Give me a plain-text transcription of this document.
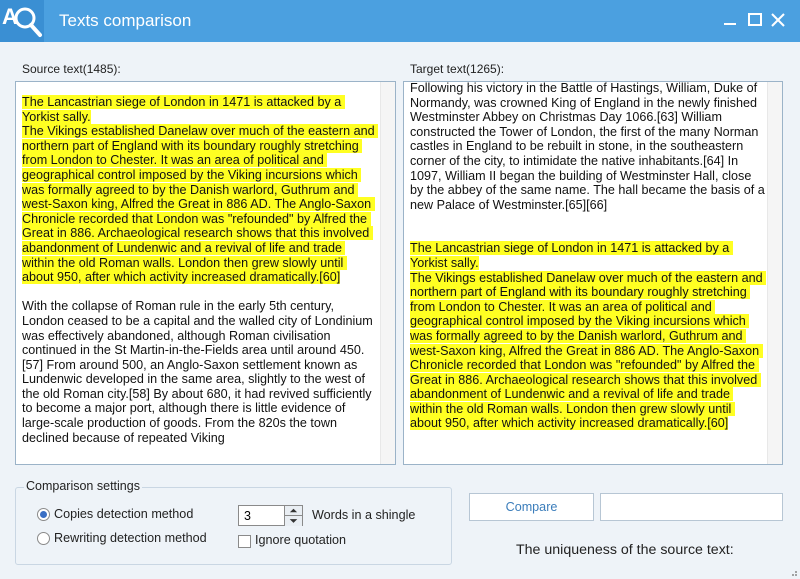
A Texts comparison
Source text(1485):	Target text(1265):
The Lancastrian siege of London in 1471 is attacked by a Yorkist sally.
The Vikings established Danelaw over much of the eastern and northern part of England with its boundary roughly stretching from London to Chester. It was an area of political and geographical control imposed by the Viking incursions which was formally agreed to by the Danish warlord, Guthrum and west-Saxon king, Alfred the Great in 886 AD. The Anglo-Saxon Chronicle recorded that London was "refounded" by Alfred the Great in 886. Archaeological research shows that this involved abandonment of Lundenwic and a revival of life and trade within the old Roman walls. London then grew slowly until about 950, after which activity increased dramatically.[60]
With the collapse of Roman rule in the early 5th century, London ceased to be a capital and the walled city of Londinium was effectively abandoned, although Roman civilisation continued in the St Martin-in-the-Fields area until around 450.[57] From around 500, an Anglo-Saxon settlement known as Lundenwic developed in the same area, slightly to the west of the old Roman city.[58] By about 680, it had revived sufficiently to become a major port, although there is little evidence of large-scale production of goods. From the 820s the town declined because of repeated Viking
Following his victory in the Battle of Hastings, William, Duke of Normandy, was crowned King of England in the newly finished Westminster Abbey on Christmas Day 1066.[63] William constructed the Tower of London, the first of the many Norman castles in England to be rebuilt in stone, in the southeastern corner of the city, to intimidate the native inhabitants.[64] In 1097, William II began the building of Westminster Hall, close by the abbey of the same name. The hall became the basis of a new Palace of Westminster.[65][66]
The Lancastrian siege of London in 1471 is attacked by a Yorkist sally.
The Vikings established Danelaw over much of the eastern and northern part of England with its boundary roughly stretching from London to Chester. It was an area of political and geographical control imposed by the Viking incursions which was formally agreed to by the Danish warlord, Guthrum and west-Saxon king, Alfred the Great in 886 AD. The Anglo-Saxon Chronicle recorded that London was "refounded" by Alfred the Great in 886. Archaeological research shows that this involved abandonment of Lundenwic and a revival of life and trade within the old Roman walls. London then grew slowly until about 950, after which activity increased dramatically.[60]
Comparison settings
Copies detection method
Rewriting detection method
3	Words in a shingle
Ignore quotation
Compare
The uniqueness of the source text:
